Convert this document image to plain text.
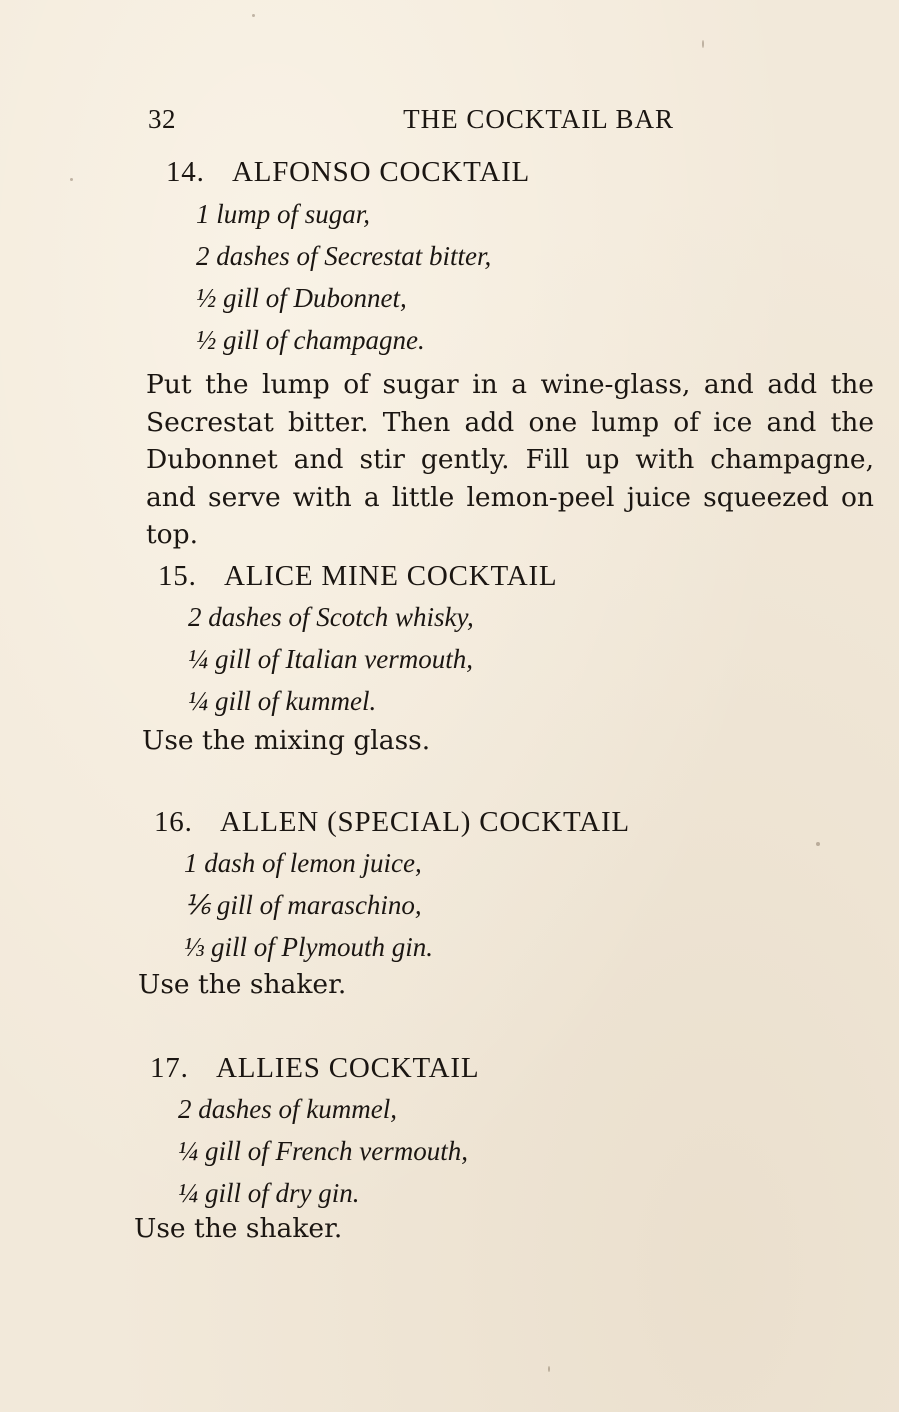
32	THE COCKTAIL BAR
14. ALFONSO COCKTAIL
1 lump of sugar,
2 dashes of Secrestat bitter,
½ gill of Dubonnet,
½ gill of champagne.
Put the lump of sugar in a wine-glass, and add the Secrestat bitter. Then add one lump of ice and the Dubonnet and stir gently. Fill up with champagne, and serve with a little lemon-peel juice squeezed on top.
15. ALICE MINE COCKTAIL
2 dashes of Scotch whisky,
¼ gill of Italian vermouth,
¼ gill of kummel.
Use the mixing glass.
16. ALLEN (SPECIAL) COCKTAIL
1 dash of lemon juice,
⅙ gill of maraschino,
⅓ gill of Plymouth gin.
Use the shaker.
17. ALLIES COCKTAIL
2 dashes of kummel,
¼ gill of French vermouth,
¼ gill of dry gin.
Use the shaker.
